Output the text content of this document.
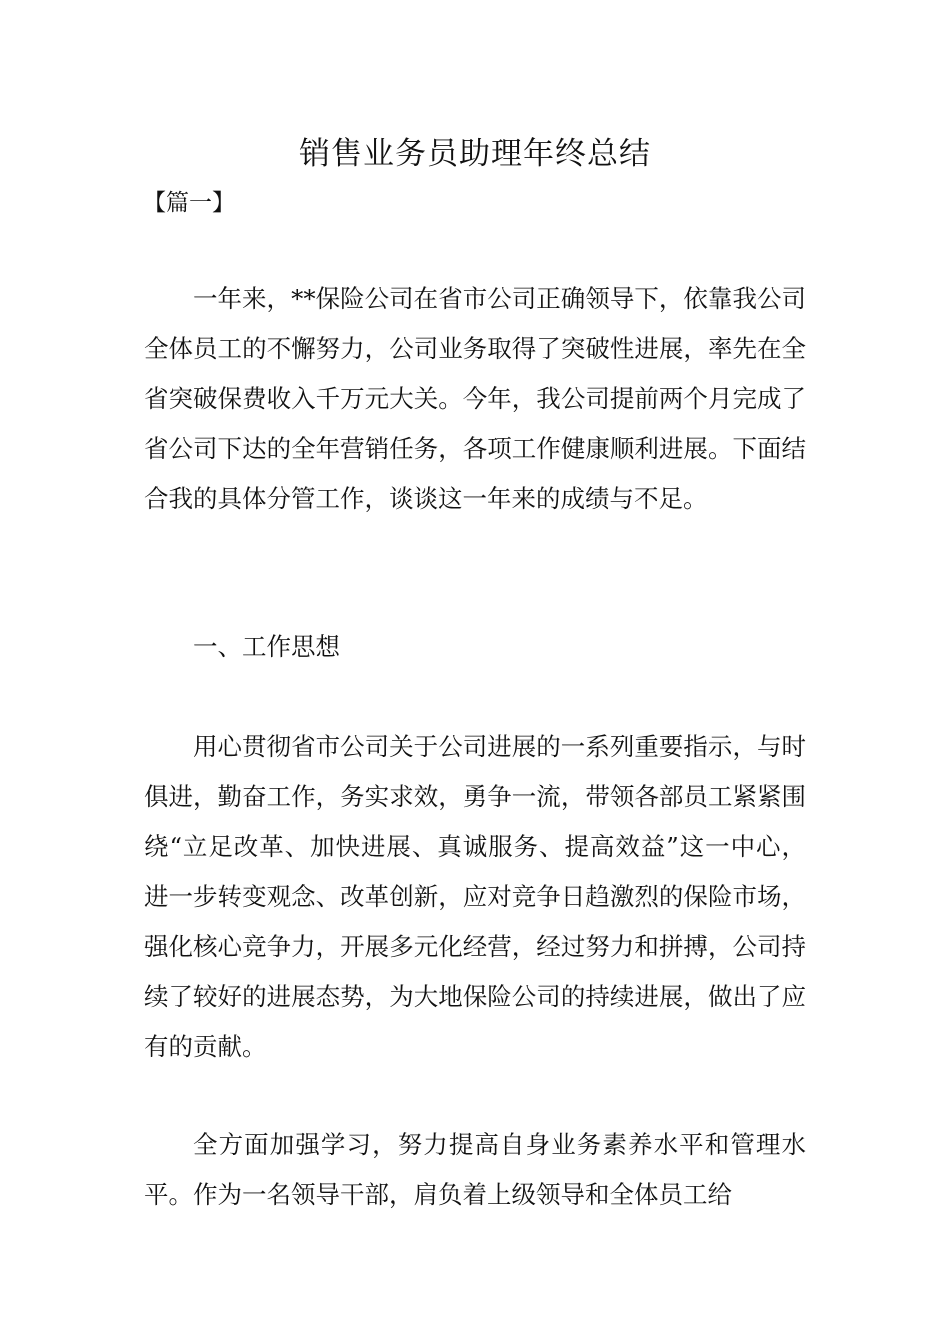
销售业务员助理年终总结

【篇一】

一年来，**保险公司在省市公司正确领导下，依靠我公司全体员工的不懈努力，公司业务取得了突破性进展，率先在全省突破保费收入千万元大关。今年，我公司提前两个月完成了省公司下达的全年营销任务，各项工作健康顺利进展。下面结合我的具体分管工作，谈谈这一年来的成绩与不足。

一、工作思想

用心贯彻省市公司关于公司进展的一系列重要指示，与时俱进，勤奋工作，务实求效，勇争一流，带领各部员工紧紧围绕“立足改革、加快进展、真诚服务、提高效益”这一中心，进一步转变观念、改革创新，应对竞争日趋激烈的保险市场，强化核心竞争力，开展多元化经营，经过努力和拼搏，公司持续了较好的进展态势，为大地保险公司的持续进展，做出了应有的贡献。

全方面加强学习，努力提高自身业务素养水平和管理水平。作为一名领导干部，肩负着上级领导和全体员工给
